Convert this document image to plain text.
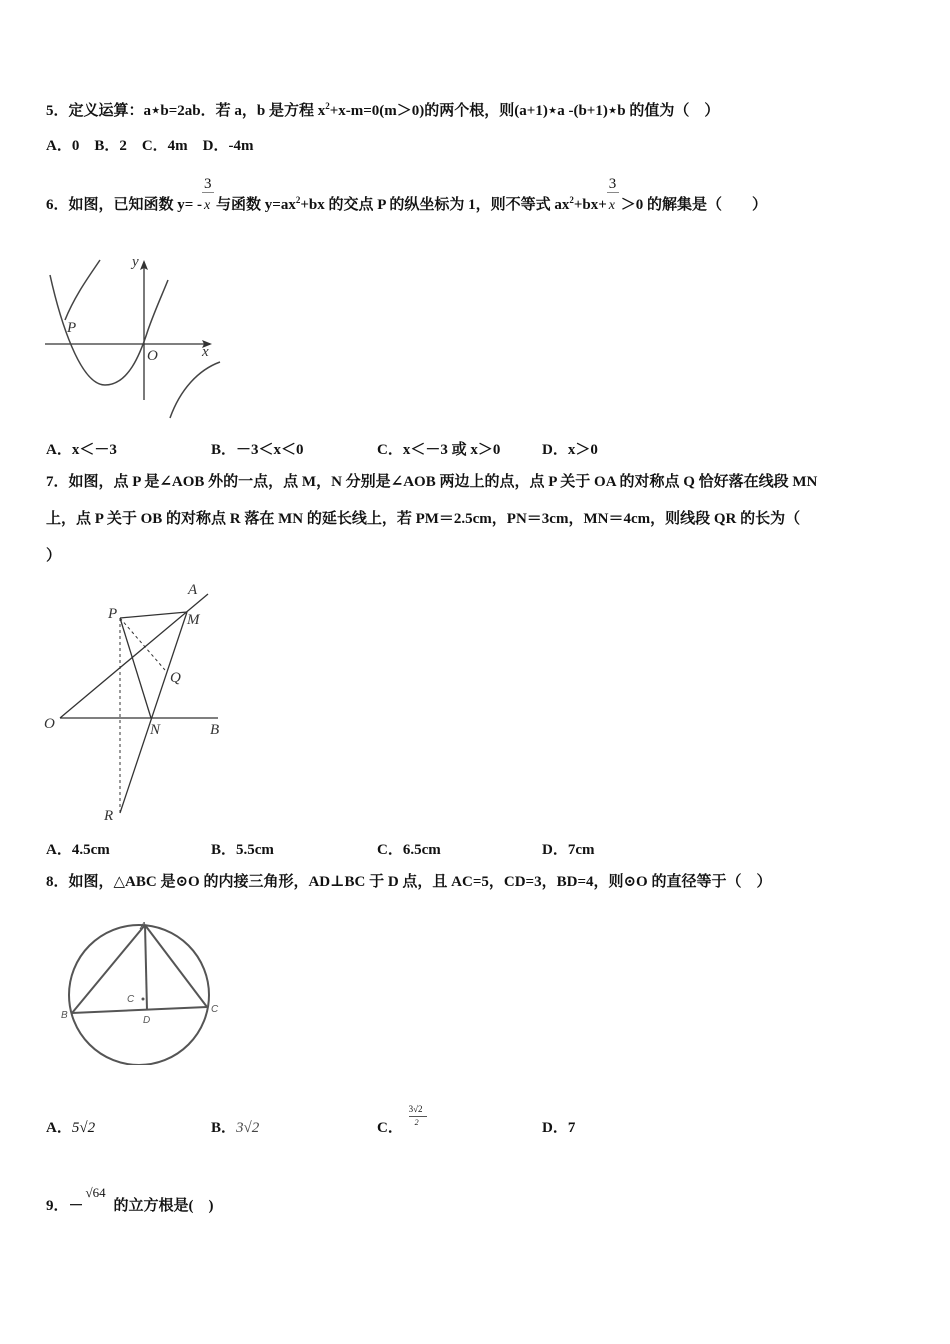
5．定义运算：a⋆b=2ab．若 a，b 是方程 $x^2+x-m=0(m>0)$的两个根，则(a+1)⋆a -(b+1)⋆b 的值为（　）
A．0　B．2　C．4m　D．-4m
6．如图，已知函数 $y= - \frac{3}{x}$ 与函数 $y=ax^2+bx$ 的交点 P 的纵坐标为 1，则不等式 $ax^2+bx+ \frac{3}{x} >0$ 的解集是（　　）
y
x
O
P
A．x＜－3	B．－3＜x＜0	C．x＜－3 或 x＞0	D．x＞0
7．如图，点 P 是∠AOB 外的一点，点 M，N 分别是∠AOB 两边上的点，点 P 关于 OA 的对称点 Q 恰好落在线段 MN
上，点 P 关于 OB 的对称点 R 落在 MN 的延长线上，若 PM＝2.5cm，PN＝3cm，MN＝4cm，则线段 QR 的长为（
）
A
M
P
Q
O	N	B
R
A．4.5cm	B．5.5cm	C．6.5cm	D．7cm
8．如图，△ABC 是⊙O 的内接三角形，AD⊥BC 于 D 点，且 AC=5，CD=3，BD=4，则⊙O 的直径等于（　）
A
B
C
D
C
A．5√2	B．3√2	C． $\frac{3√2}{2}$	D．7
9．－
√64
的立方根是(　)
